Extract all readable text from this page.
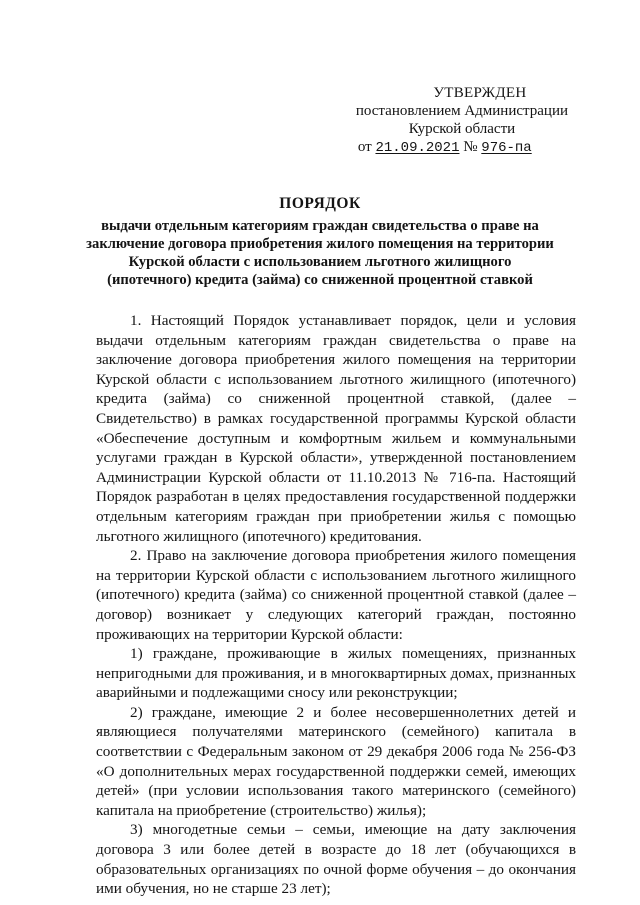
УТВЕРЖДЕН
постановлением Администрации
Курской области
от 21.09.2021 № 976-па
ПОРЯДОК
выдачи отдельным категориям граждан свидетельства о праве на заключение договора приобретения жилого помещения на территории Курской области с использованием льготного жилищного (ипотечного) кредита (займа) со сниженной процентной ставкой

1. Настоящий Порядок устанавливает порядок, цели и условия выдачи отдельным категориям граждан свидетельства о праве на заключение договора приобретения жилого помещения на территории Курской области с использованием льготного жилищного (ипотечного) кредита (займа) со сниженной процентной ставкой, (далее – Свидетельство) в рамках государственной программы Курской области «Обеспечение доступным и комфортным жильем и коммунальными услугами граждан в Курской области», утвержденной постановлением Администрации Курской области от 11.10.2013 № 716-па. Настоящий Порядок разработан в целях предоставления государственной поддержки отдельным категориям граждан при приобретении жилья с помощью льготного жилищного (ипотечного) кредитования.

2. Право на заключение договора приобретения жилого помещения на территории Курской области с использованием льготного жилищного (ипотечного) кредита (займа) со сниженной процентной ставкой (далее – договор) возникает у следующих категорий граждан, постоянно проживающих на территории Курской области:

1) граждане, проживающие в жилых помещениях, признанных непригодными для проживания, и в многоквартирных домах, признанных аварийными и подлежащими сносу или реконструкции;

2) граждане, имеющие 2 и более несовершеннолетних детей и являющиеся получателями материнского (семейного) капитала в соответствии с Федеральным законом от 29 декабря 2006 года № 256-ФЗ «О дополнительных мерах государственной поддержки семей, имеющих детей» (при условии использования такого материнского (семейного) капитала на приобретение (строительство) жилья);

3) многодетные семьи – семьи, имеющие на дату заключения договора 3 или более детей в возрасте до 18 лет (обучающихся в образовательных организациях по очной форме обучения – до окончания ими обучения, но не старше 23 лет);
